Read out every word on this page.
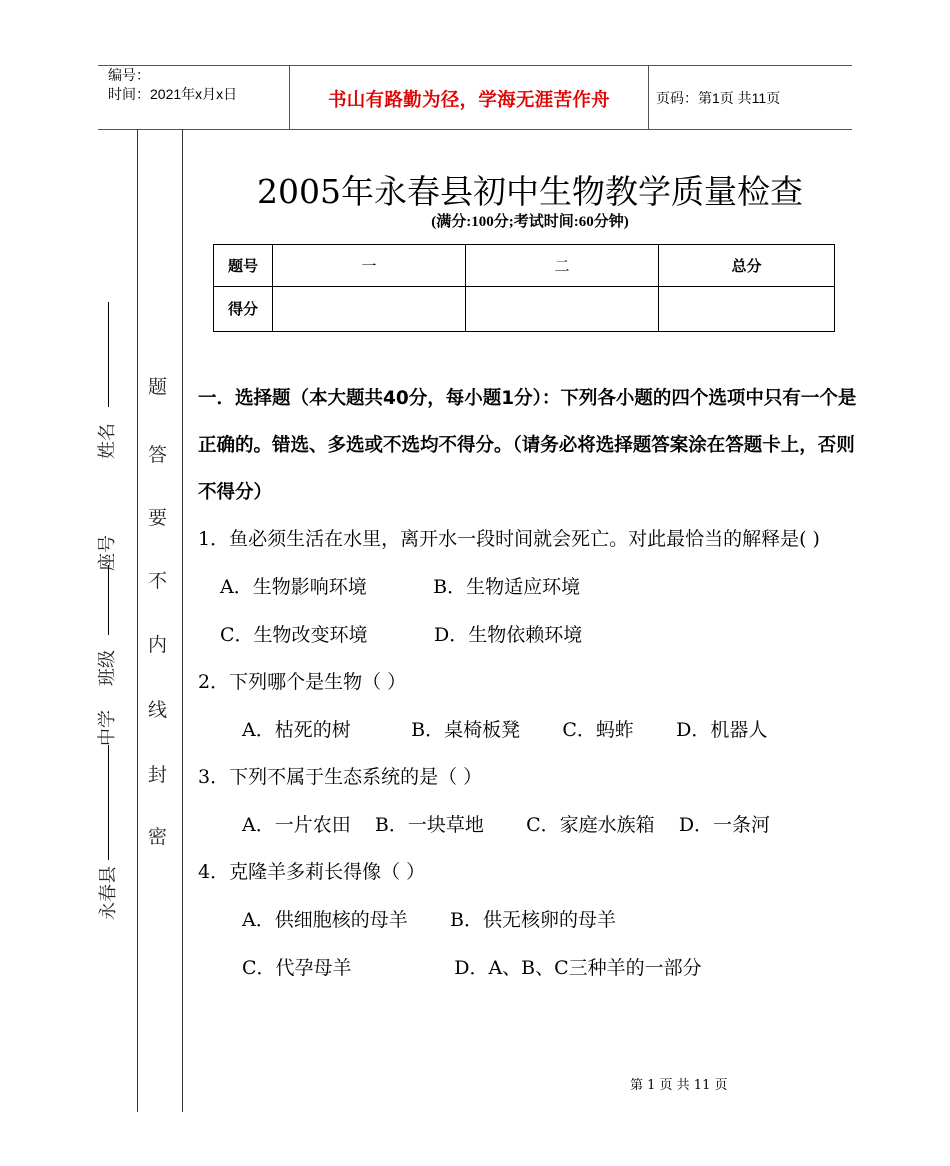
编号：
时间：2021年x月x日	书山有路勤为径，学海无涯苦作舟	页码：第1页 共11页
题
答
要
不
内
线
封
密
姓名
座号
班级
中学
永春县
2005年永春县初中生物教学质量检查
(满分:100分;考试时间:60分钟)
题号	一	二	总分
得分			
一．选择题（本大题共40分，每小题1分）：下列各小题的四个选项中只有一个是正确的。错选、多选或不选均不得分。（请务必将选择题答案涂在答题卡上，否则不得分）
1．鱼必须生活在水里，离开水一段时间就会死亡。对此最恰当的解释是( )
A．生物影响环境           B．生物适应环境
C．生物改变环境           D．生物依赖环境
2．下列哪个是生物（ ）
A．枯死的树          B．桌椅板凳       C．蚂蚱       D．机器人
3．下列不属于生态系统的是（ ）
A．一片农田    B．一块草地       C．家庭水族箱    D．一条河
4．克隆羊多莉长得像（ ）
A．供细胞核的母羊       B．供无核卵的母羊
C．代孕母羊                 D．A、B、C三种羊的一部分
第 1 页 共 11 页
